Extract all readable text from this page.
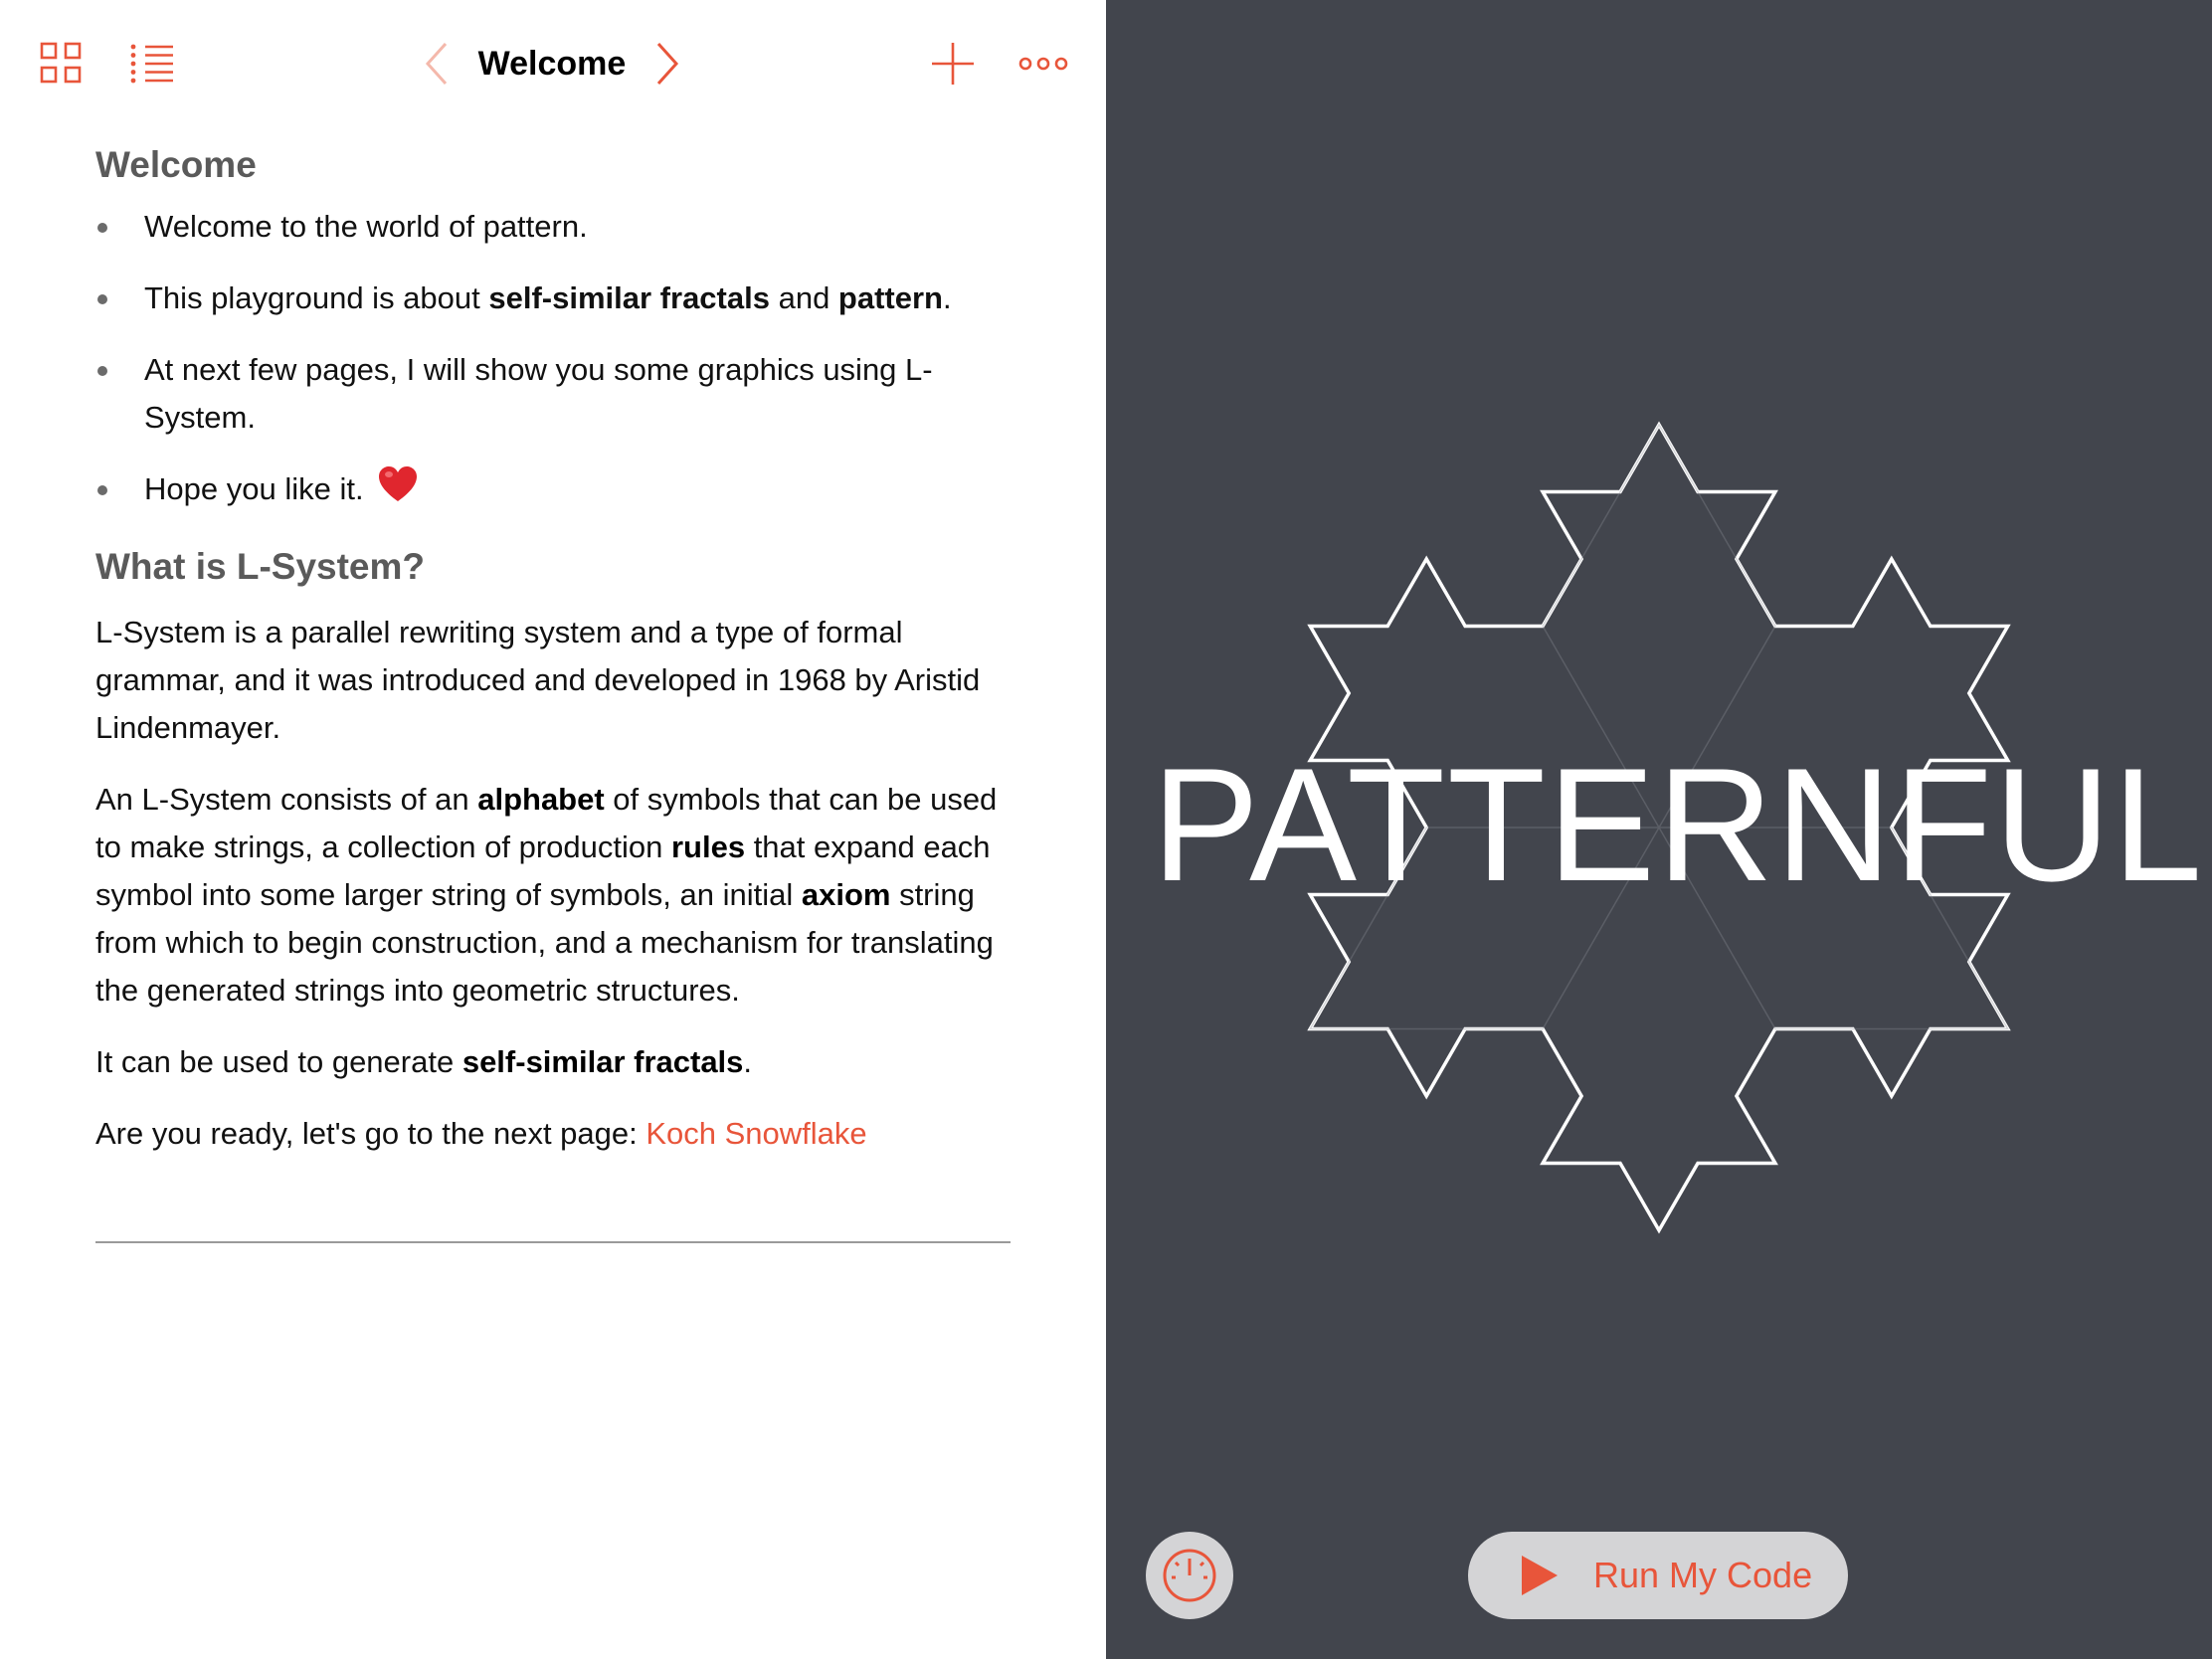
Welcome
Welcome
Welcome to the world of pattern.
This playground is about self-similar fractals and pattern.
At next few pages, I will show you some graphics using L-System.
Hope you like it.
What is L-System?

L-System is a parallel rewriting system and a type of formal grammar, and it was introduced and developed in 1968 by Aristid Lindenmayer.

An L-System consists of an alphabet of symbols that can be used to make strings, a collection of production rules that expand each symbol into some larger string of symbols, an initial axiom string from which to begin construction, and a mechanism for translating the generated strings into geometric structures.

It can be used to generate self-similar fractals.

Are you ready, let's go to the next page: Koch Snowflake

PATTERNFUL
Run My Code
